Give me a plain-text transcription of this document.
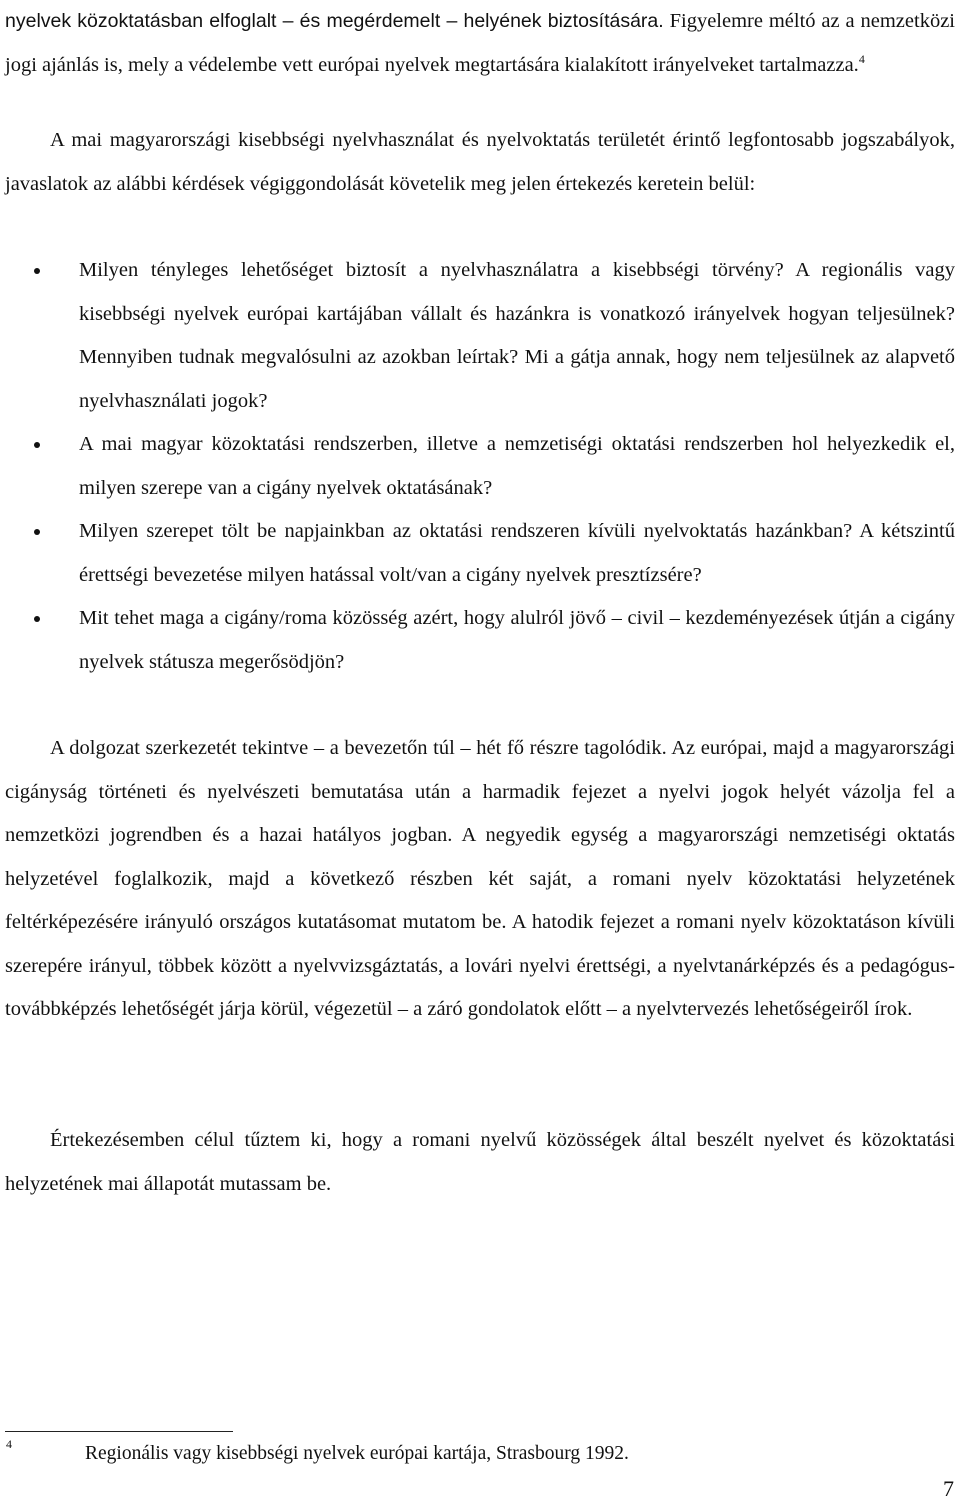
nyelvek közoktatásban elfoglalt – és megérdemelt – helyének biztosítására. Figyelemre méltó az a nemzetközi jogi ajánlás is, mely a védelembe vett európai nyelvek megtartására kialakított irányelveket tartalmazza.$^4$

A mai magyarországi kisebbségi nyelvhasználat és nyelvoktatás területét érintő legfontosabb jogszabályok, javaslatok az alábbi kérdések végiggondolását követelik meg jelen értekezés keretein belül:

Milyen tényleges lehetőséget biztosít a nyelvhasználatra a kisebbségi törvény? A regionális vagy kisebbségi nyelvek európai kartájában vállalt és hazánkra is vonatkozó irányelvek hogyan teljesülnek? Mennyiben tudnak megvalósulni az azokban leírtak? Mi a gátja annak, hogy nem teljesülnek az alapvető nyelvhasználati jogok?
A mai magyar közoktatási rendszerben, illetve a nemzetiségi oktatási rendszerben hol helyezkedik el, milyen szerepe van a cigány nyelvek oktatásának?
Milyen szerepet tölt be napjainkban az oktatási rendszeren kívüli nyelvoktatás hazánkban? A kétszintű érettségi bevezetése milyen hatással volt/van a cigány nyelvek presztízsére?
Mit tehet maga a cigány/roma közösség azért, hogy alulról jövő – civil – kezdeményezések útján a cigány nyelvek státusza megerősödjön?

A dolgozat szerkezetét tekintve – a bevezetőn túl – hét fő részre tagolódik. Az európai, majd a magyarországi cigányság történeti és nyelvészeti bemutatása után a harmadik fejezet a nyelvi jogok helyét vázolja fel a nemzetközi jogrendben és a hazai hatályos jogban. A negyedik egység a magyarországi nemzetiségi oktatás helyzetével foglalkozik, majd a következő részben két saját, a romani nyelv közoktatási helyzetének feltérképezésére irányuló országos kutatásomat mutatom be. A hatodik fejezet a romani nyelv közoktatáson kívüli szerepére irányul, többek között a nyelvvizsgáztatás, a lovári nyelvi érettségi, a nyelvtanárképzés és a pedagógus-továbbképzés lehetőségét járja körül, végezetül – a záró gondolatok előtt – a nyelvtervezés lehetőségeiről írok.

Értekezésemben célul tűztem ki, hogy a romani nyelvű közösségek által beszélt nyelvet és közoktatási helyzetének mai állapotát mutassam be.

4	Regionális vagy kisebbségi nyelvek európai kartája, Strasbourg 1992.
7
